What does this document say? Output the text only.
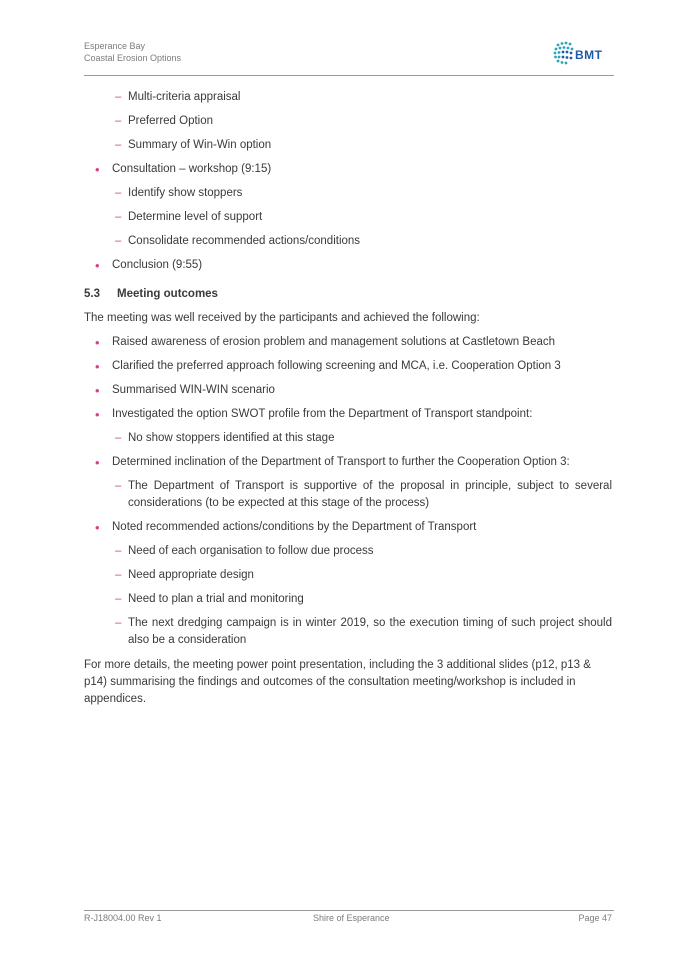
Esperance Bay
Coastal Erosion Options	BMT
– Multi-criteria appraisal
– Preferred Option
– Summary of Win-Win option
• Consultation – workshop (9:15)
– Identify show stoppers
– Determine level of support
– Consolidate recommended actions/conditions
• Conclusion (9:55)
5.3 Meeting outcomes
The meeting was well received by the participants and achieved the following:
• Raised awareness of erosion problem and management solutions at Castletown Beach
• Clarified the preferred approach following screening and MCA, i.e. Cooperation Option 3
• Summarised WIN-WIN scenario
• Investigated the option SWOT profile from the Department of Transport standpoint:
– No show stoppers identified at this stage
• Determined inclination of the Department of Transport to further the Cooperation Option 3:
– The Department of Transport is supportive of the proposal in principle, subject to several considerations (to be expected at this stage of the process)
• Noted recommended actions/conditions by the Department of Transport
– Need of each organisation to follow due process
– Need appropriate design
– Need to plan a trial and monitoring
– The next dredging campaign is in winter 2019, so the execution timing of such project should also be a consideration
For more details, the meeting power point presentation, including the 3 additional slides (p12, p13 & p14) summarising the findings and outcomes of the consultation meeting/workshop is included in appendices.
R-J18004.00 Rev 1	Shire of Esperance	Page 47
